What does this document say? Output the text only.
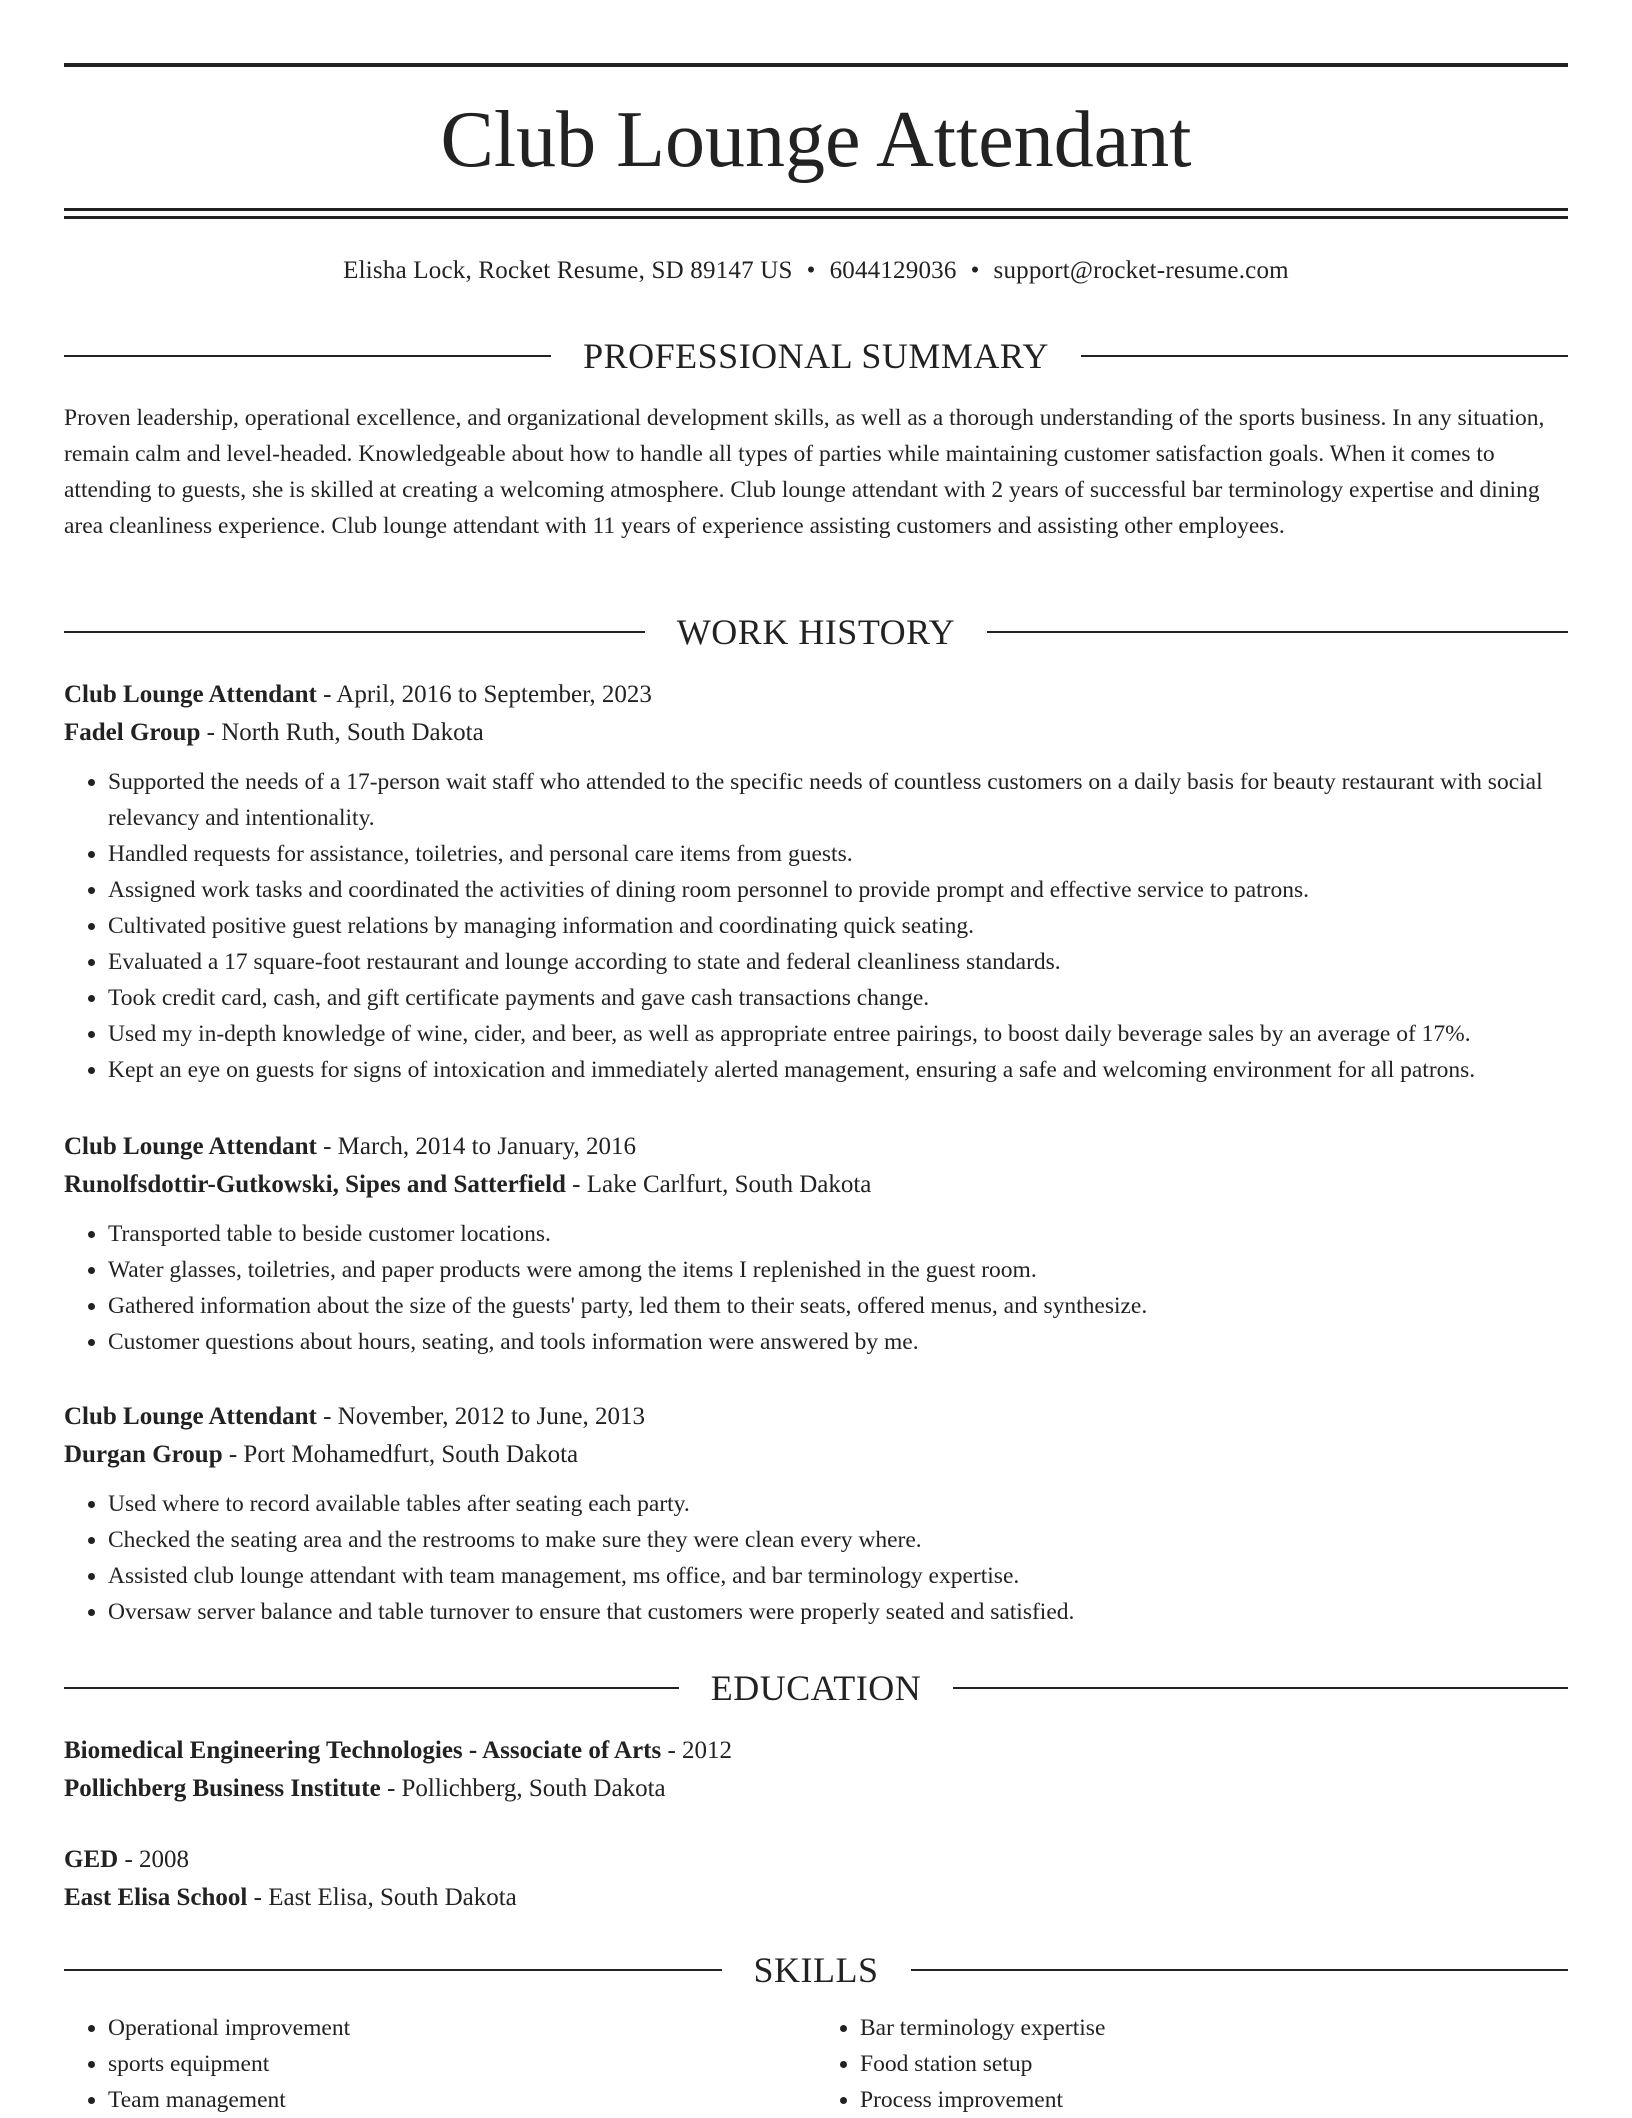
Club Lounge Attendant
Elisha Lock, Rocket Resume, SD 89147 US • 6044129036 • support@rocket-resume.com
PROFESSIONAL SUMMARY

Proven leadership, operational excellence, and organizational development skills, as well as a thorough understanding of the sports business. In any situation, remain calm and level-headed. Knowledgeable about how to handle all types of parties while maintaining customer satisfaction goals. When it comes to attending to guests, she is skilled at creating a welcoming atmosphere. Club lounge attendant with 2 years of successful bar terminology expertise and dining area cleanliness experience. Club lounge attendant with 11 years of experience assisting customers and assisting other employees.

WORK HISTORY
Club Lounge Attendant - April, 2016 to September, 2023
Fadel Group - North Ruth, South Dakota
• Supported the needs of a 17-person wait staff who attended to the specific needs of countless customers on a daily basis for beauty restaurant with social relevancy and intentionality.
• Handled requests for assistance, toiletries, and personal care items from guests.
• Assigned work tasks and coordinated the activities of dining room personnel to provide prompt and effective service to patrons.
• Cultivated positive guest relations by managing information and coordinating quick seating.
• Evaluated a 17 square-foot restaurant and lounge according to state and federal cleanliness standards.
• Took credit card, cash, and gift certificate payments and gave cash transactions change.
• Used my in-depth knowledge of wine, cider, and beer, as well as appropriate entree pairings, to boost daily beverage sales by an average of 17%.
• Kept an eye on guests for signs of intoxication and immediately alerted management, ensuring a safe and welcoming environment for all patrons.
Club Lounge Attendant - March, 2014 to January, 2016
Runolfsdottir-Gutkowski, Sipes and Satterfield - Lake Carlfurt, South Dakota
• Transported table to beside customer locations.
• Water glasses, toiletries, and paper products were among the items I replenished in the guest room.
• Gathered information about the size of the guests' party, led them to their seats, offered menus, and synthesize.
• Customer questions about hours, seating, and tools information were answered by me.
Club Lounge Attendant - November, 2012 to June, 2013
Durgan Group - Port Mohamedfurt, South Dakota
• Used where to record available tables after seating each party.
• Checked the seating area and the restrooms to make sure they were clean every where.
• Assisted club lounge attendant with team management, ms office, and bar terminology expertise.
• Oversaw server balance and table turnover to ensure that customers were properly seated and satisfied.
EDUCATION
Biomedical Engineering Technologies - Associate of Arts - 2012
Pollichberg Business Institute - Pollichberg, South Dakota
GED - 2008
East Elisa School - East Elisa, South Dakota
SKILLS
• Operational improvement
• sports equipment
• Team management
• Bar terminology expertise
• Food station setup
• Process improvement
